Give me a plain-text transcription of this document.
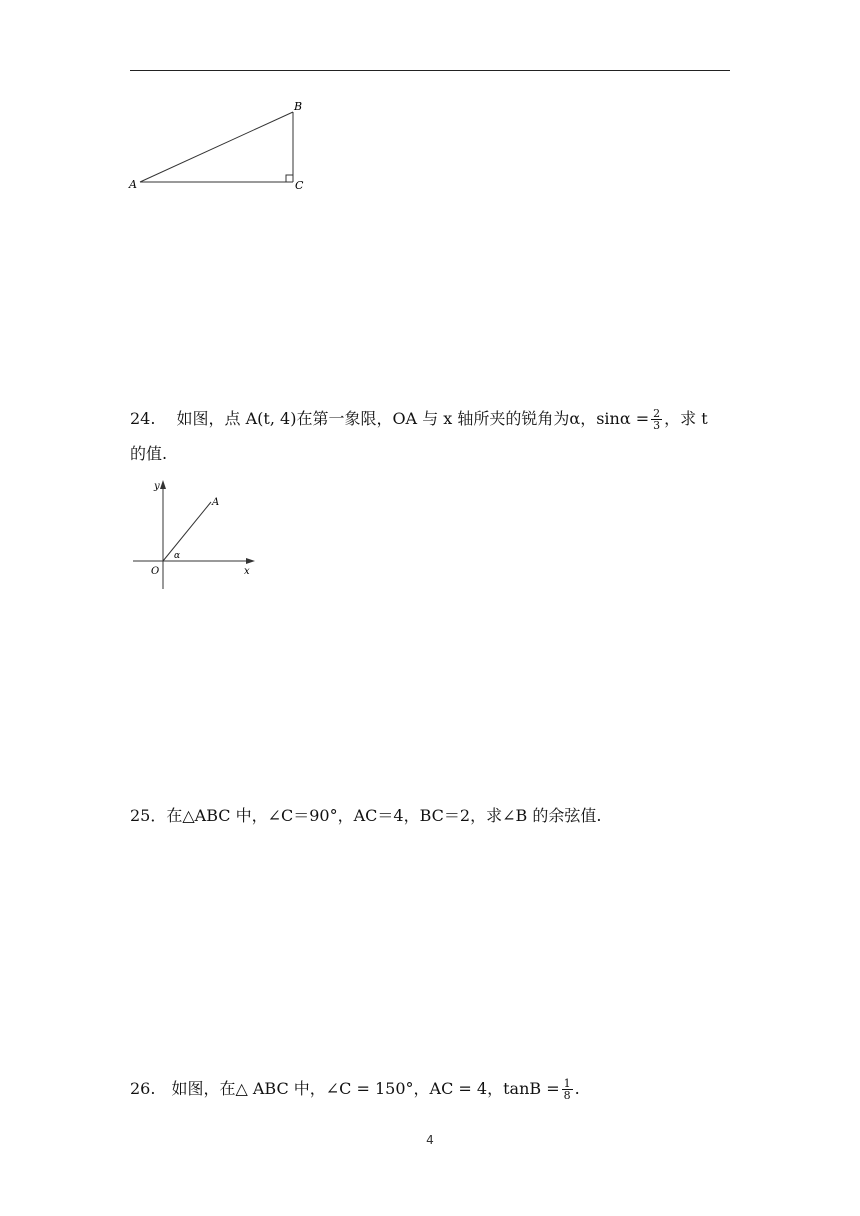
A
B
C
24.  如图，点 A(t, 4)在第一象限，OA 与 x 轴所夹的锐角为α，$\sin\alpha = \frac{2}{3}$ ，求 t
的值.
y
x
O
A
α
25．在△ABC 中，∠C＝90°，AC＝4，BC＝2，求∠B 的余弦值.
26. 如图，在△ ABC 中，∠C = 150°，AC = 4，$\tan B = \frac{1}{8}$ .
4
